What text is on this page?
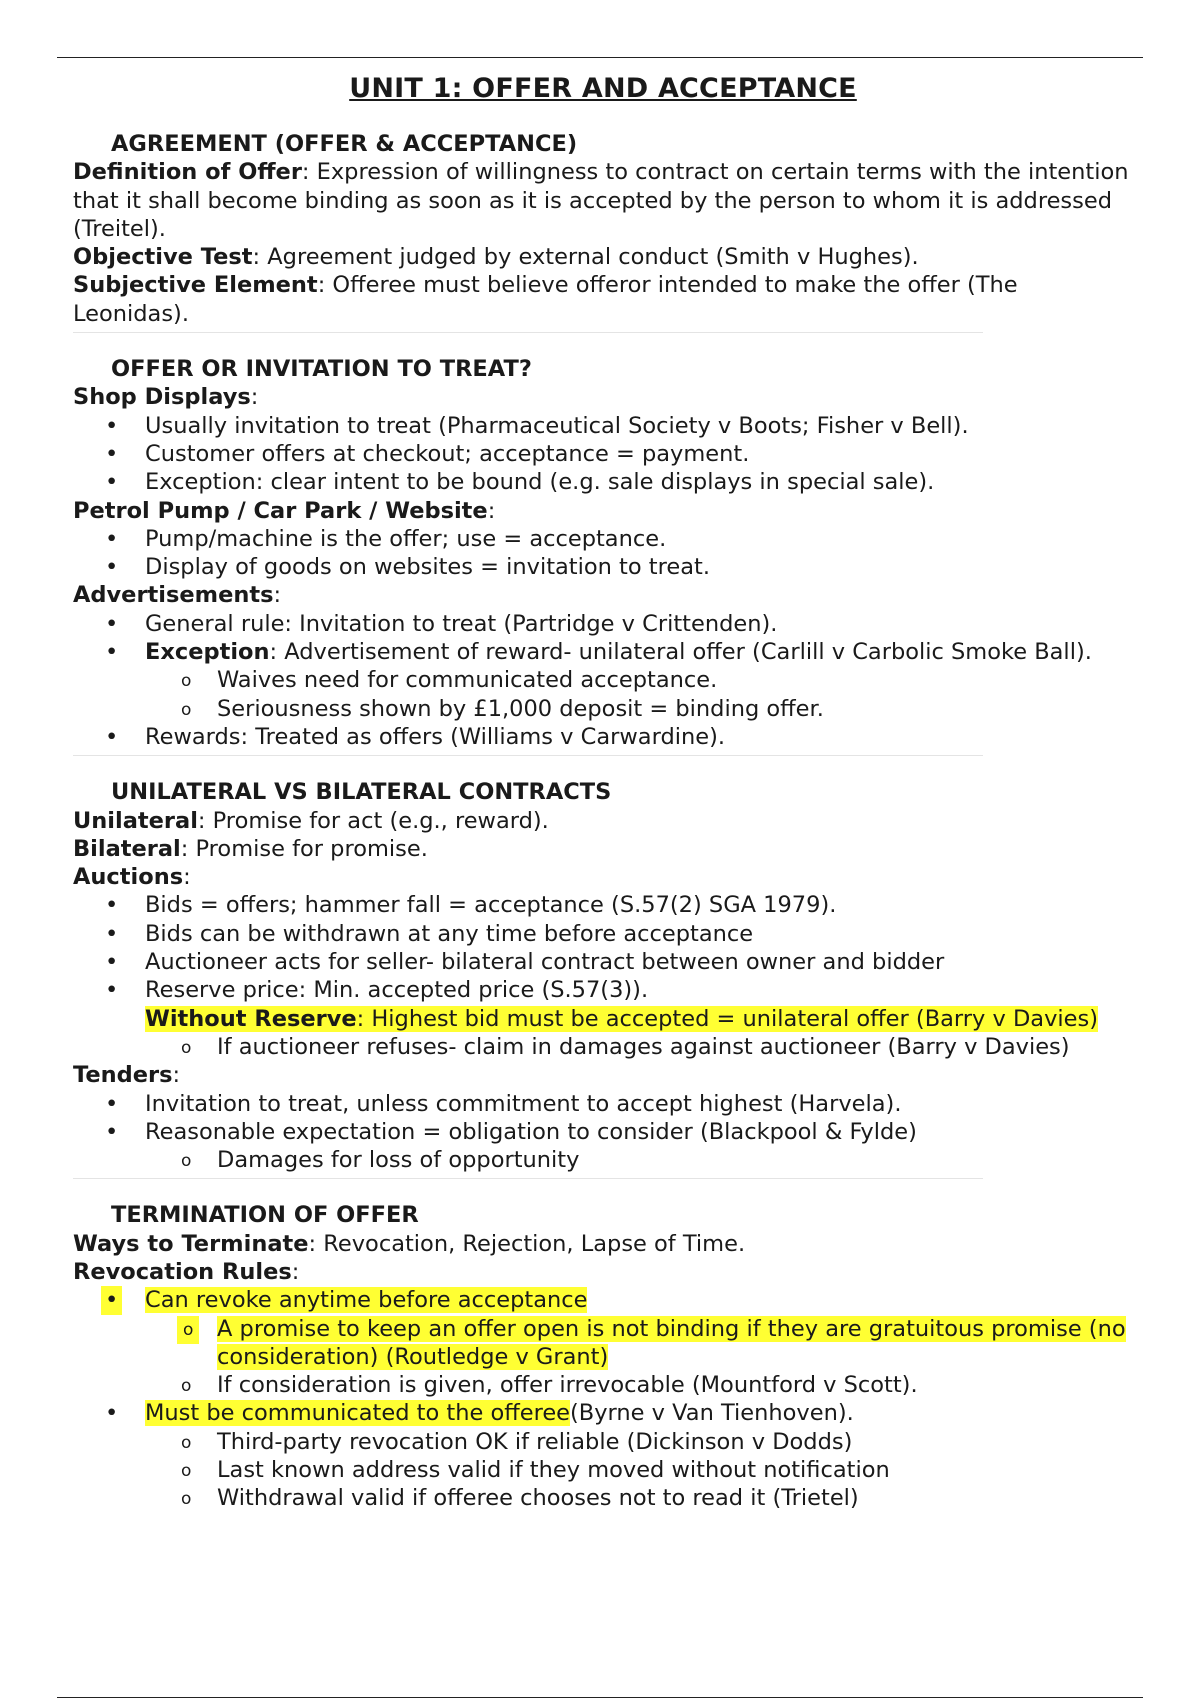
UNIT 1: OFFER AND ACCEPTANCE

AGREEMENT (OFFER & ACCEPTANCE)

Definition of Offer: Expression of willingness to contract on certain terms with the intention that it shall become binding as soon as it is accepted by the person to whom it is addressed (Treitel).

Objective Test: Agreement judged by external conduct (Smith v Hughes).

Subjective Element: Offeree must believe offeror intended to make the offer (The Leonidas).

OFFER OR INVITATION TO TREAT?

Shop Displays:

• Usually invitation to treat (Pharmaceutical Society v Boots; Fisher v Bell).
• Customer offers at checkout; acceptance = payment.
• Exception: clear intent to be bound (e.g. sale displays in special sale).

Petrol Pump / Car Park / Website:

• Pump/machine is the offer; use = acceptance.
• Display of goods on websites = invitation to treat.

Advertisements:

• General rule: Invitation to treat (Partridge v Crittenden).
• Exception: Advertisement of reward- unilateral offer (Carlill v Carbolic Smoke Ball).
o Waives need for communicated acceptance.
o Seriousness shown by £1,000 deposit = binding offer.
• Rewards: Treated as offers (Williams v Carwardine).

UNILATERAL VS BILATERAL CONTRACTS

Unilateral: Promise for act (e.g., reward).

Bilateral: Promise for promise.

Auctions:

• Bids = offers; hammer fall = acceptance (S.57(2) SGA 1979).
• Bids can be withdrawn at any time before acceptance
• Auctioneer acts for seller- bilateral contract between owner and bidder
• Reserve price: Min. accepted price (S.57(3)).

Without Reserve: Highest bid must be accepted = unilateral offer (Barry v Davies)

o If auctioneer refuses- claim in damages against auctioneer (Barry v Davies)

Tenders:

• Invitation to treat, unless commitment to accept highest (Harvela).
• Reasonable expectation = obligation to consider (Blackpool & Fylde)
o Damages for loss of opportunity

TERMINATION OF OFFER

Ways to Terminate: Revocation, Rejection, Lapse of Time.

Revocation Rules:

• Can revoke anytime before acceptance
o A promise to keep an offer open is not binding if they are gratuitous promise (no consideration) (Routledge v Grant)
o If consideration is given, offer irrevocable (Mountford v Scott).
• Must be communicated to the offeree(Byrne v Van Tienhoven).
o Third-party revocation OK if reliable (Dickinson v Dodds)
o Last known address valid if they moved without notification
o Withdrawal valid if offeree chooses not to read it (Trietel)
